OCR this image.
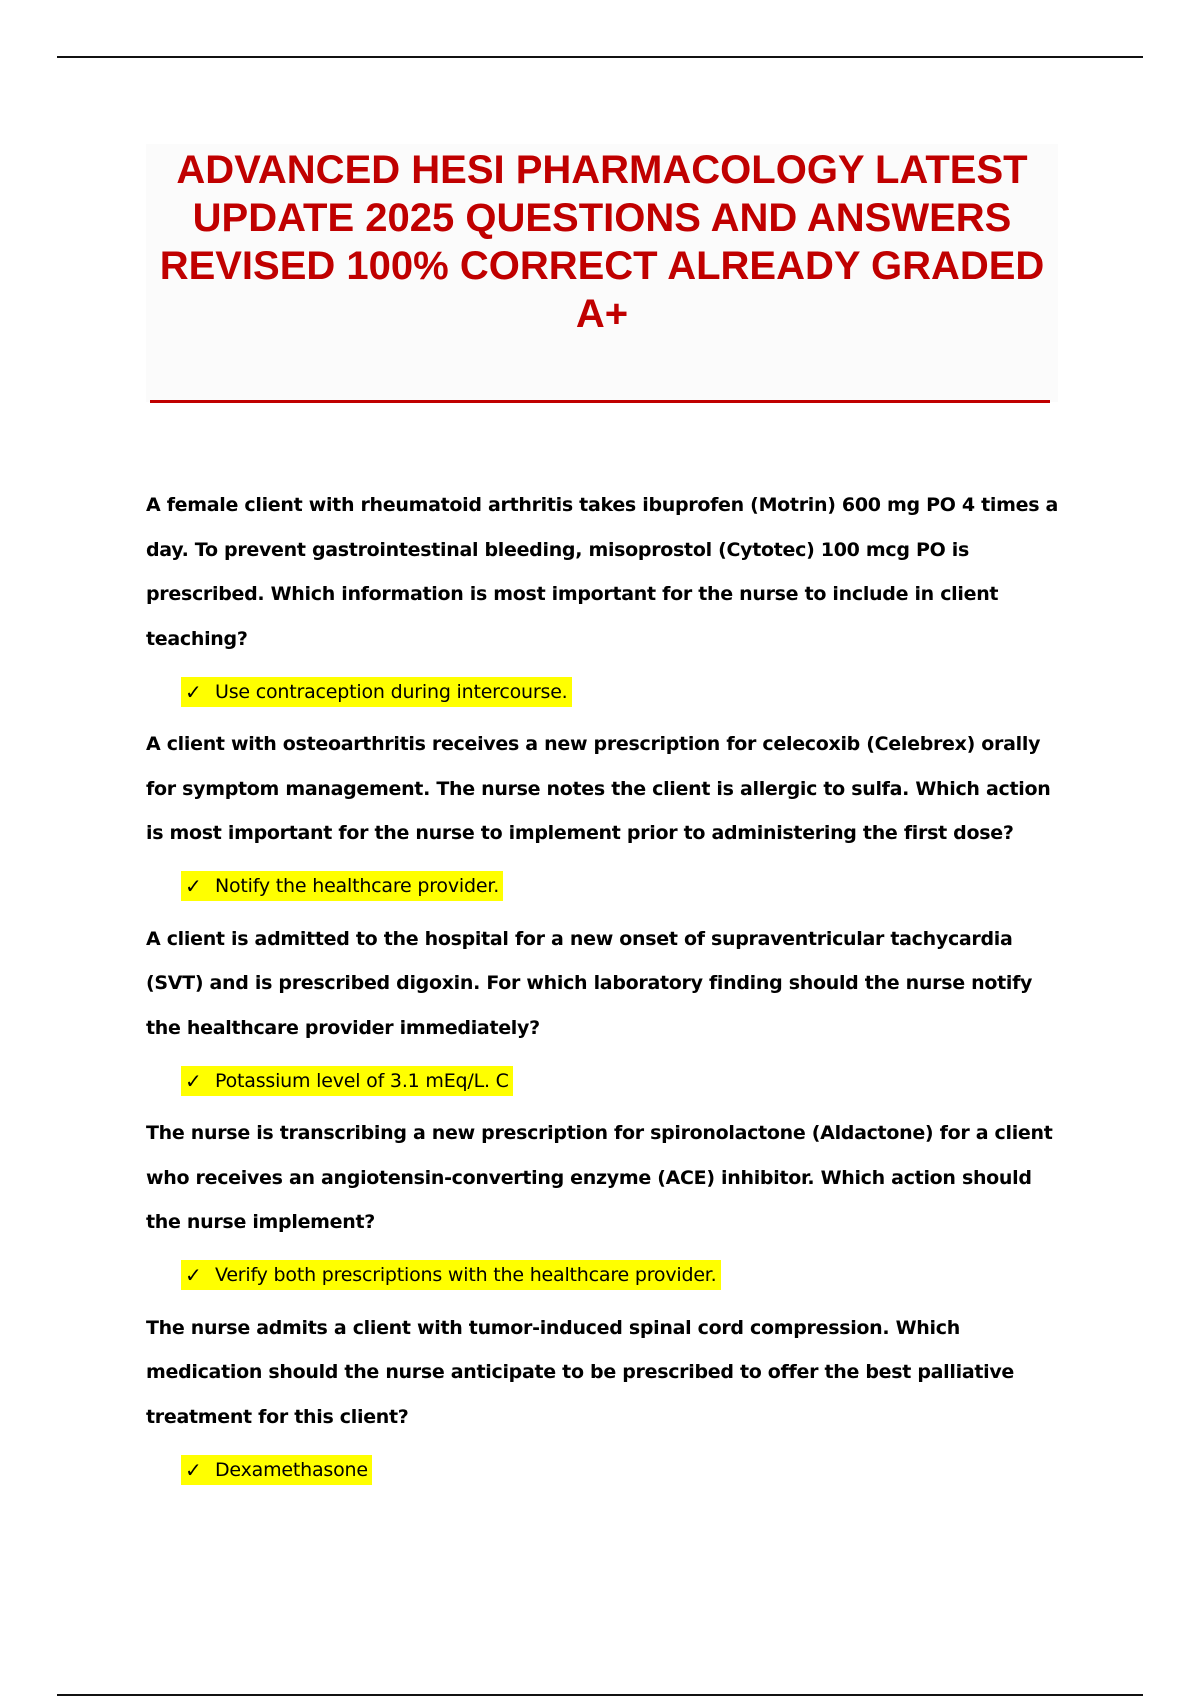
ADVANCED HESI PHARMACOLOGY LATEST UPDATE 2025 QUESTIONS AND ANSWERS REVISED 100% CORRECT ALREADY GRADED A+

A female client with rheumatoid arthritis takes ibuprofen (Motrin) 600 mg PO 4 times a day. To prevent gastrointestinal bleeding, misoprostol (Cytotec) 100 mcg PO is prescribed. Which information is most important for the nurse to include in client teaching?

✓ Use contraception during intercourse.

A client with osteoarthritis receives a new prescription for celecoxib (Celebrex) orally for symptom management. The nurse notes the client is allergic to sulfa. Which action is most important for the nurse to implement prior to administering the first dose?

✓ Notify the healthcare provider.

A client is admitted to the hospital for a new onset of supraventricular tachycardia (SVT) and is prescribed digoxin. For which laboratory finding should the nurse notify the healthcare provider immediately?

✓ Potassium level of 3.1 mEq/L. C

The nurse is transcribing a new prescription for spironolactone (Aldactone) for a client who receives an angiotensin-converting enzyme (ACE) inhibitor. Which action should the nurse implement?

✓ Verify both prescriptions with the healthcare provider.

The nurse admits a client with tumor-induced spinal cord compression. Which medication should the nurse anticipate to be prescribed to offer the best palliative treatment for this client?

✓ Dexamethasone
